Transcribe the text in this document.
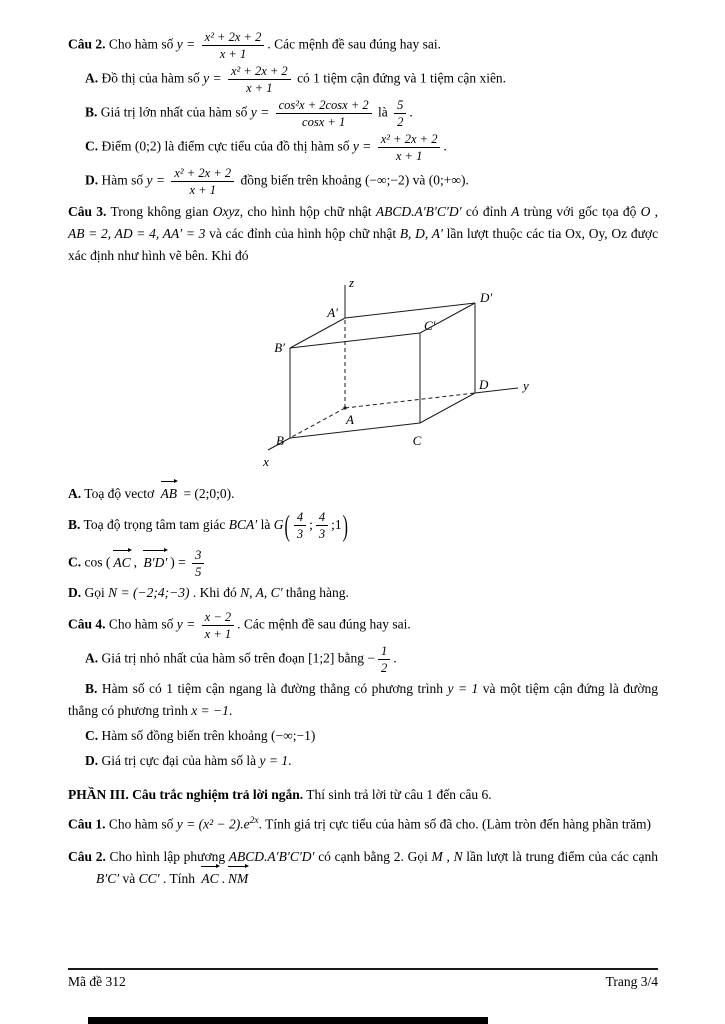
Câu 2. Cho hàm số $y = \frac{\text{x² + 2x + 2}}{x + 1}$ . Các mệnh đề sau đúng hay sai.

A. Đồ thị của hàm số $y = \frac{\text{x² + 2x + 2}}{x + 1}$ có 1 tiệm cận đứng và 1 tiệm cận xiên.

B. Giá trị lớn nhất của hàm số $y = \frac{\text{cos²x + 2cosx + 2}}{\cos x + 1}$ là $\frac{5}{2}$ .

C. Điểm (0;2) là điểm cực tiểu của đồ thị hàm số $y = \frac{\text{x² + 2x + 2}}{x + 1}$ .

D. Hàm số $y = \frac{\text{x² + 2x + 2}}{x + 1}$ đồng biến trên khoảng (−∞;−2) và (0;+∞).

Câu 3. Trong không gian Oxyz, cho hình hộp chữ nhật ABCD.A′B′C′D′ có đỉnh A trùng với gốc tọa độ O , AB = 2, AD = 4, AA′ = 3 và các đỉnh của hình hộp chữ nhật B, D, A′ lần lượt thuộc các tia Ox, Oy, Oz được xác định như hình vẽ bên. Khi đó

z
y
x
A′
D′
B′
C′
A
D
B	C

A. Toạ độ vectơ AB = (2;0;0).

B. Toạ độ trọng tâm tam giác BCA′ là $G( \frac{4}{3}$ ; $\frac{4}{3}$ ;1)

C. cos ( AC , B′D′ ) = $\frac{3}{5}$

D. Gọi N = (−2;4;−3) . Khi đó N, A, C′ thẳng hàng.

Câu 4. Cho hàm số $y = \frac{x - 2}{x + 1}$ . Các mệnh đề sau đúng hay sai.

A. Giá trị nhỏ nhất của hàm số trên đoạn [1;2] bằng − $\frac{1}{2}$ .

B. Hàm số có 1 tiệm cận ngang là đường thẳng có phương trình y = 1 và một tiệm cận đứng là đường thẳng có phương trình x = −1.

C. Hàm số đồng biến trên khoảng (−∞;−1)

D. Giá trị cực đại của hàm số là y = 1.

PHẦN III. Câu trắc nghiệm trả lời ngắn. Thí sinh trả lời từ câu 1 đến câu 6.

Câu 1. Cho hàm số $y = (x^2 - 2).e^{2x}$. Tính giá trị cực tiểu của hàm số đã cho. (Làm tròn đến hàng phần trăm)

Câu 2. Cho hình lập phương ABCD.A′B′C′D′ có cạnh bằng 2. Gọi M , N lần lượt là trung điểm của các cạnh B′C′ và CC′ . Tính AC . NM

Mã đề 312	Trang 3/4
